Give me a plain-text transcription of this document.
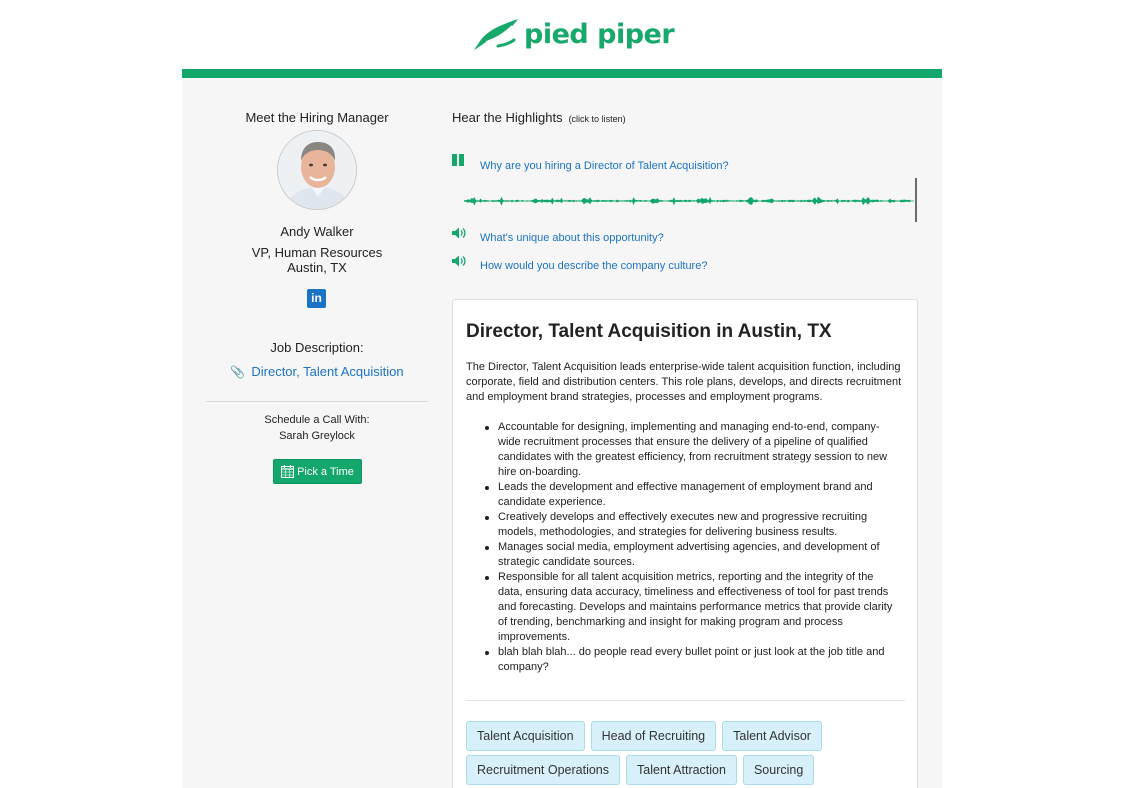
pied piper
Meet the Hiring Manager
Andy Walker
VP, Human Resources
Austin, TX
in
Job Description:
📎 Director, Talent Acquisition
Schedule a Call With:
Sarah Greylock
Pick a Time
Hear the Highlights (click to listen)
Why are you hiring a Director of Talent Acquisition?
What's unique about this opportunity?
How would you describe the company culture?
Director, Talent Acquisition in Austin, TX
The Director, Talent Acquisition leads enterprise-wide talent acquisition function, including corporate, field and distribution centers. This role plans, develops, and directs recruitment and employment brand strategies, processes and employment programs.
Accountable for designing, implementing and managing end-to-end, company-wide recruitment processes that ensure the delivery of a pipeline of qualified candidates with the greatest efficiency, from recruitment strategy session to new hire on-boarding.
Leads the development and effective management of employment brand and candidate experience.
Creatively develops and effectively executes new and progressive recruiting models, methodologies, and strategies for delivering business results.
Manages social media, employment advertising agencies, and development of strategic candidate sources.
Responsible for all talent acquisition metrics, reporting and the integrity of the data, ensuring data accuracy, timeliness and effectiveness of tool for past trends and forecasting. Develops and maintains performance metrics that provide clarity of trending, benchmarking and insight for making program and process improvements.
blah blah blah... do people read every bullet point or just look at the job title and company?
Talent Acquisition	Head of Recruiting	Talent Advisor
Recruitment Operations	Talent Attraction	Sourcing
